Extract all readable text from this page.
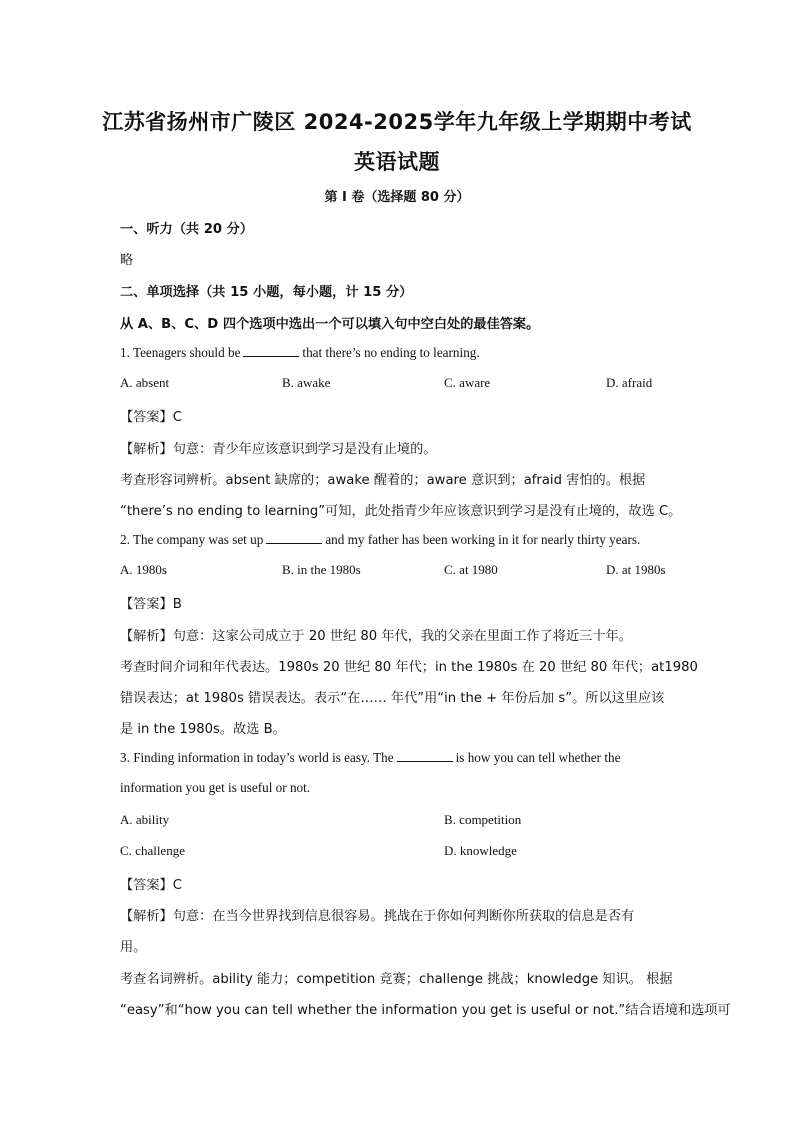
江苏省扬州市广陵区 2024-2025学年九年级上学期期中考试
英语试题
第 I 卷（选择题 80 分）
一、听力（共 20 分）
略
二、单项选择（共 15 小题，每小题，计 15 分）
从 A、B、C、D 四个选项中选出一个可以填入句中空白处的最佳答案。
1. Teenagers should be	that there’s no ending to learning.
A. absent	B. awake	C. aware	D. afraid
【答案】C
【解析】句意：青少年应该意识到学习是没有止境的。
考查形容词辨析。absent 缺席的；awake 醒着的；aware 意识到；afraid 害怕的。根据
“there’s no ending to learning”可知，此处指青少年应该意识到学习是没有止境的，故选 C。
2. The company was set up	and my father has been working in it for nearly thirty years.
A. 1980s	B. in the 1980s	C. at 1980	D. at 1980s
【答案】B
【解析】句意：这家公司成立于 20 世纪 80 年代，我的父亲在里面工作了将近三十年。
考查时间介词和年代表达。1980s 20 世纪 80 年代；in the 1980s 在 20 世纪 80 年代；at1980
错误表达；at 1980s 错误表达。表示“在…… 年代”用“in the + 年份后加 s”。所以这里应该
是 in the 1980s。故选 B。
3. Finding information in today’s world is easy. The	is how you can tell whether the
information you get is useful or not.
A. ability	B. competition
C. challenge	D. knowledge
【答案】C
【解析】句意：在当今世界找到信息很容易。挑战在于你如何判断你所获取的信息是否有
用。
考查名词辨析。ability 能力；competition 竞赛；challenge 挑战；knowledge 知识。 根据
“easy”和“how you can tell whether the information you get is useful or not.”结合语境和选项可
